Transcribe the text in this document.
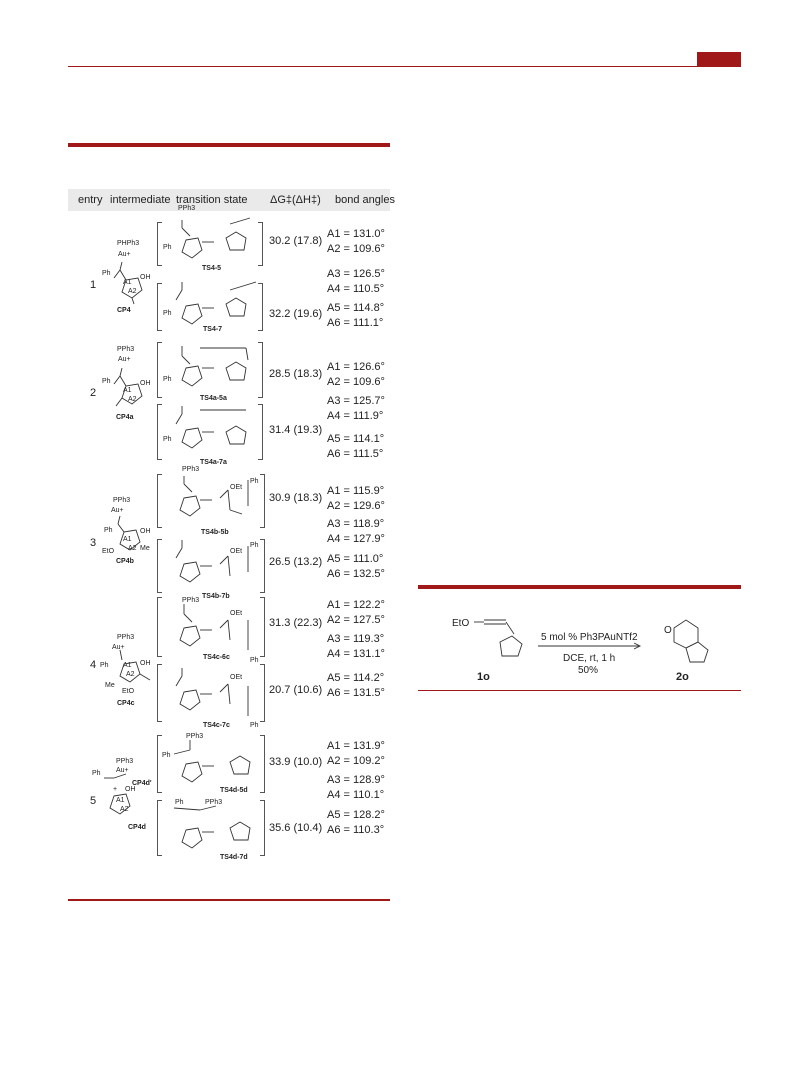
entry intermediate transition state ΔG‡(ΔH‡) bond angles
1
PHPh3
Au+
Ph
A1
A2
OH
CP4
PPh3
Ph
TS4-5
30.2 (17.8)
A1 = 131.0°
A2 = 109.6°
A3 = 126.5°
A4 = 110.5°
Ph
TS4-7
32.2 (19.6) A5 = 114.8°
A6 = 111.1°
2
PPh3
Au+
Ph
A1
A2
OH
CP4a
Ph
TS4a-5a
28.5 (18.3)
A1 = 126.6°
A2 = 109.6°
A3 = 125.7°
A4 = 111.9°
Ph
TS4a-7a
31.4 (19.3)
A5 = 114.1°
A6 = 111.5°
3
PPh3
Au+
Ph
A1
A2
OH
EtO	Me
CP4b
PPh3
OEt
Ph
TS4b-5b
30.9 (18.3)
A1 = 115.9°
A2 = 129.6°
A3 = 118.9°
A4 = 127.9°
OEt
Ph
TS4b-7b
26.5 (13.2) A5 = 111.0°
A6 = 132.5°
4
PPh3
Au+
Ph A1
A2
OH
Me
EtO
CP4c
PPh3
OEt
Ph
TS4c-6c
31.3 (22.3)
A1 = 122.2°
A2 = 127.5°
A3 = 119.3°
A4 = 131.1°
OEt
Ph
TS4c-7c
20.7 (10.6)
A5 = 114.2°
A6 = 131.5°
5
PPh3
Au+
Ph
A1
A2
OH
+
CP4d'
CP4d
PPh3
Ph
TS4d-5d
33.9 (10.0)
A1 = 131.9°
A2 = 109.2°
A3 = 128.9°
A4 = 110.1°
PPh3
Ph
TS4d-7d
35.6 (10.4)
A5 = 128.2°
A6 = 110.3°
EtO
1o
5 mol % Ph3PAuNTf2
DCE, rt, 1 h
50%
O
2o
